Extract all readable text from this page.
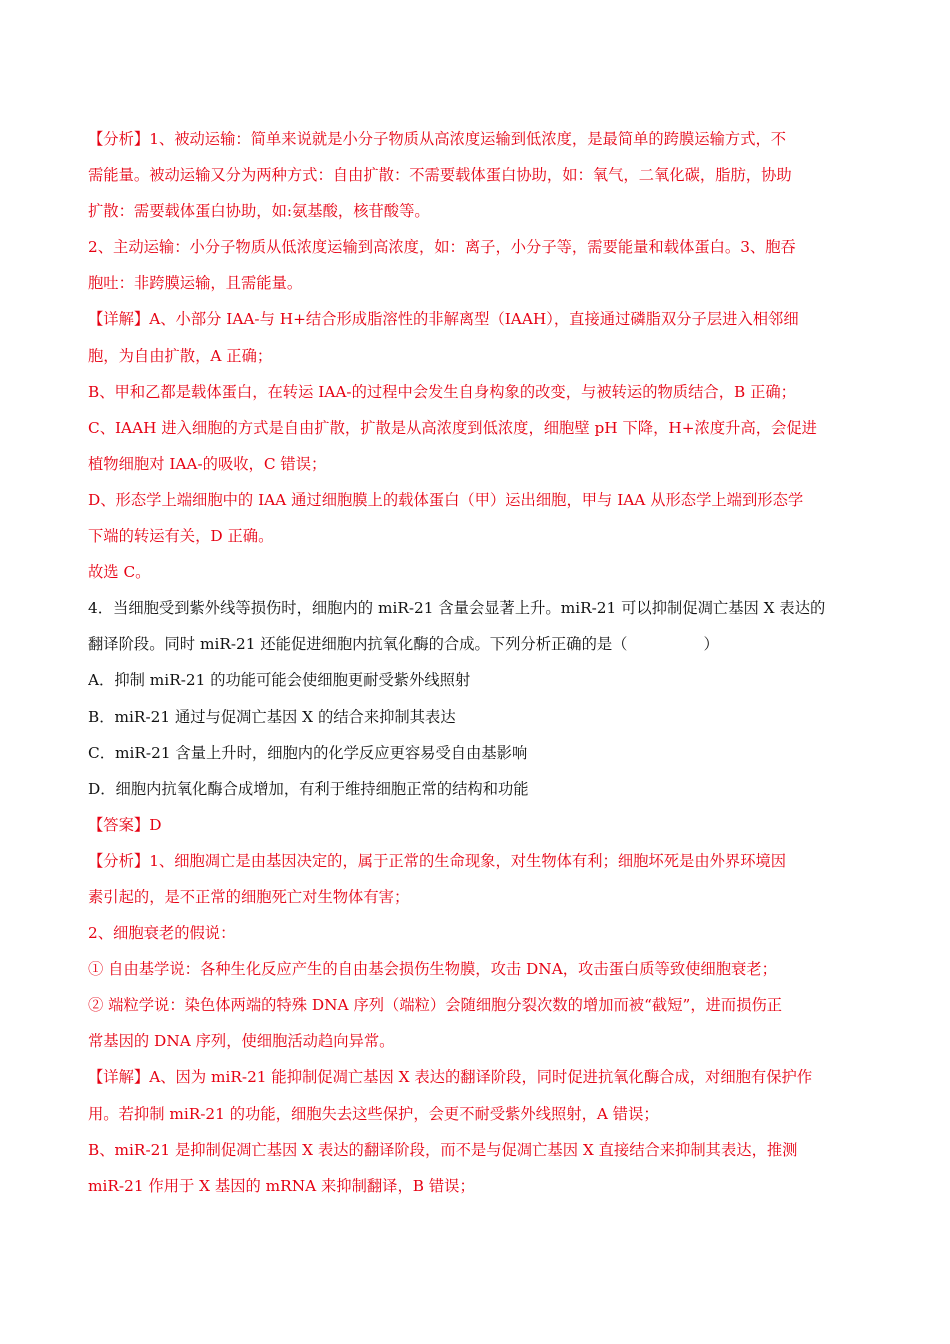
【分析】1、被动运输：简单来说就是小分子物质从高浓度运输到低浓度，是最简单的跨膜运输方式，不
需能量。被动运输又分为两种方式：自由扩散：不需要载体蛋白协助，如：氧气，二氧化碳，脂肪，协助
扩散：需要载体蛋白协助，如:氨基酸，核苷酸等。
2、主动运输：小分子物质从低浓度运输到高浓度，如：离子，小分子等，需要能量和载体蛋白。3、胞吞
胞吐：非跨膜运输，且需能量。
【详解】A、小部分 IAA-与 H+结合形成脂溶性的非解离型（IAAH），直接通过磷脂双分子层进入相邻细
胞，为自由扩散，A 正确；
B、甲和乙都是载体蛋白，在转运 IAA-的过程中会发生自身构象的改变，与被转运的物质结合，B 正确；
C、IAAH 进入细胞的方式是自由扩散，扩散是从高浓度到低浓度，细胞壁 pH 下降，H+浓度升高，会促进
植物细胞对 IAA-的吸收，C 错误；
D、形态学上端细胞中的 IAA 通过细胞膜上的载体蛋白（甲）运出细胞，甲与 IAA 从形态学上端到形态学
下端的转运有关，D 正确。
故选 C。
4．当细胞受到紫外线等损伤时，细胞内的 miR-21 含量会显著上升。miR-21 可以抑制促凋亡基因 X 表达的
翻译阶段。同时 miR-21 还能促进细胞内抗氧化酶的合成。下列分析正确的是（	）
A．抑制 miR-21 的功能可能会使细胞更耐受紫外线照射
B．miR-21 通过与促凋亡基因 X 的结合来抑制其表达
C．miR-21 含量上升时，细胞内的化学反应更容易受自由基影响
D．细胞内抗氧化酶合成增加，有利于维持细胞正常的结构和功能
【答案】D
【分析】1、细胞凋亡是由基因决定的，属于正常的生命现象，对生物体有利；细胞坏死是由外界环境因
素引起的，是不正常的细胞死亡对生物体有害；
2、细胞衰老的假说：
① 自由基学说：各种生化反应产生的自由基会损伤生物膜，攻击 DNA，攻击蛋白质等致使细胞衰老；
② 端粒学说：染色体两端的特殊 DNA 序列（端粒）会随细胞分裂次数的增加而被“截短”，进而损伤正
常基因的 DNA 序列，使细胞活动趋向异常。
【详解】A、因为 miR-21 能抑制促凋亡基因 X 表达的翻译阶段，同时促进抗氧化酶合成，对细胞有保护作
用。若抑制 miR-21 的功能，细胞失去这些保护，会更不耐受紫外线照射，A 错误；
B、miR-21 是抑制促凋亡基因 X 表达的翻译阶段，而不是与促凋亡基因 X 直接结合来抑制其表达，推测
miR-21 作用于 X 基因的 mRNA 来抑制翻译，B 错误；
